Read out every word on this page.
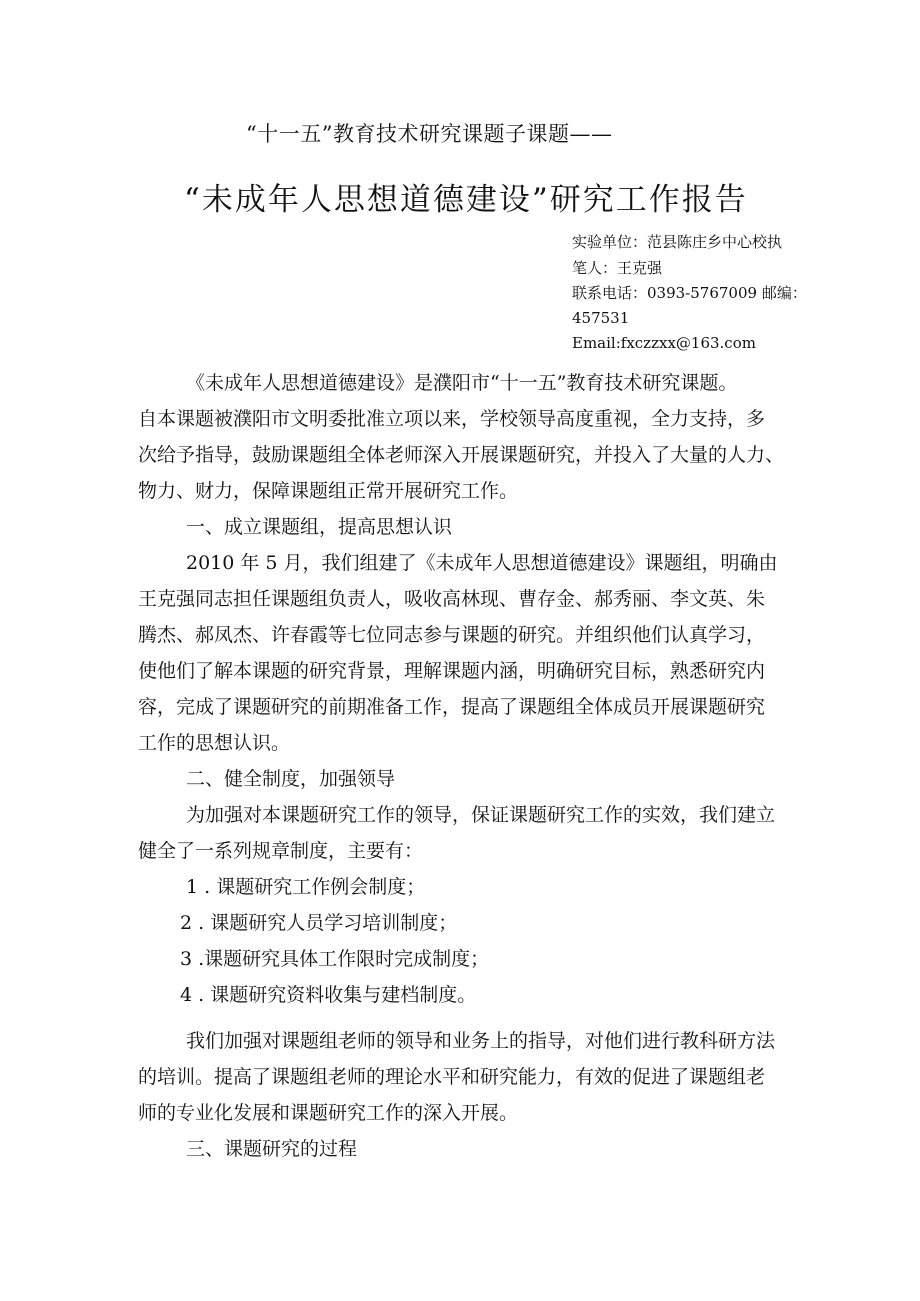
“十一五”教育技术研究课题子课题——
“未成年人思想道德建设”研究工作报告
实验单位：范县陈庄乡中心校执
笔人：王克强
联系电话：0393-5767009 邮编：
457531
Email:fxczzxx@163.com
《未成年人思想道德建设》是濮阳市“十一五”教育技术研究课题。
自本课题被濮阳市文明委批准立项以来，学校领导高度重视，全力支持，多
次给予指导，鼓励课题组全体老师深入开展课题研究，并投入了大量的人力、
物力、财力，保障课题组正常开展研究工作。
一、成立课题组，提高思想认识
2010 年 5 月，我们组建了《未成年人思想道德建设》课题组，明确由
王克强同志担任课题组负责人，吸收高林现、曹存金、郝秀丽、李文英、朱
腾杰、郝凤杰、许春霞等七位同志参与课题的研究。并组织他们认真学习，
使他们了解本课题的研究背景，理解课题内涵，明确研究目标，熟悉研究内
容，完成了课题研究的前期准备工作，提高了课题组全体成员开展课题研究
工作的思想认识。
二、健全制度，加强领导
为加强对本课题研究工作的领导，保证课题研究工作的实效，我们建立
健全了一系列规章制度，主要有：
1 . 课题研究工作例会制度；
2 . 课题研究人员学习培训制度；
3 .课题研究具体工作限时完成制度；
4 . 课题研究资料收集与建档制度。
我们加强对课题组老师的领导和业务上的指导，对他们进行教科研方法
的培训。提高了课题组老师的理论水平和研究能力，有效的促进了课题组老
师的专业化发展和课题研究工作的深入开展。
三、课题研究的过程
